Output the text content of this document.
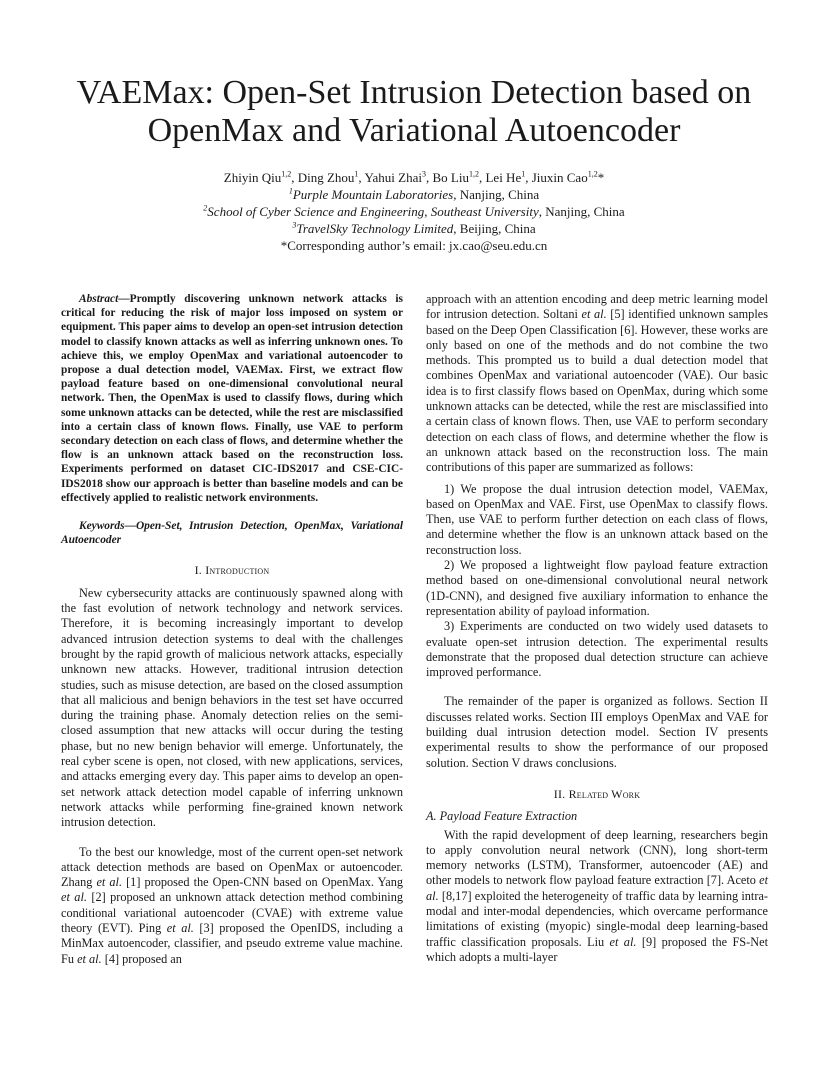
VAEMax: Open-Set Intrusion Detection based on
OpenMax and Variational Autoencoder
Zhiyin Qiu$^{1,2}$, Ding Zhou$^1$, Yahui Zhai$^3$, Bo Liu$^{1,2}$, Lei He$^1$, Jiuxin Cao$^{1,2}$*
$^1$Purple Mountain Laboratories, Nanjing, China
$^2$School of Cyber Science and Engineering, Southeast University, Nanjing, China
$^3$TravelSky Technology Limited, Beijing, China
*Corresponding author’s email: jx.cao@seu.edu.cn

Abstract—Promptly discovering unknown network attacks is critical for reducing the risk of major loss imposed on system or equipment. This paper aims to develop an open-set intrusion detection model to classify known attacks as well as inferring unknown ones. To achieve this, we employ OpenMax and variational autoencoder to propose a dual detection model, VAEMax. First, we extract flow payload feature based on one-dimensional convolutional neural network. Then, the OpenMax is used to classify flows, during which some unknown attacks can be detected, while the rest are misclassified into a certain class of known flows. Finally, use VAE to perform secondary detection on each class of flows, and determine whether the flow is an unknown attack based on the reconstruction loss. Experiments performed on dataset CIC-IDS2017 and CSE-CIC-IDS2018 show our approach is better than baseline models and can be effectively applied to realistic network environments.

Keywords—Open-Set, Intrusion Detection, OpenMax, Variational Autoencoder

I. Introduction

New cybersecurity attacks are continuously spawned along with the fast evolution of network technology and network services. Therefore, it is becoming increasingly important to develop advanced intrusion detection systems to deal with the challenges brought by the rapid growth of malicious network attacks, especially unknown new attacks. However, traditional intrusion detection studies, such as misuse detection, are based on the closed assumption that all malicious and benign behaviors in the test set have occurred during the training phase. Anomaly detection relies on the semi-closed assumption that new attacks will occur during the testing phase, but no new benign behavior will emerge. Unfortunately, the real cyber scene is open, not closed, with new applications, services, and attacks emerging every day. This paper aims to develop an open-set network attack detection model capable of inferring unknown network attacks while performing fine-grained known network intrusion detection.

To the best our knowledge, most of the current open-set network attack detection methods are based on OpenMax or autoencoder. Zhang et al. [1] proposed the Open-CNN based on OpenMax. Yang et al. [2] proposed an unknown attack detection method combining conditional variational autoencoder (CVAE) with extreme value theory (EVT). Ping et al. [3] proposed the OpenIDS, including a MinMax autoencoder, classifier, and pseudo extreme value machine. Fu et al. [4] proposed an

approach with an attention encoding and deep metric learning model for intrusion detection. Soltani et al. [5] identified unknown samples based on the Deep Open Classification [6]. However, these works are only based on one of the methods and do not combine the two methods. This prompted us to build a dual detection model that combines OpenMax and variational autoencoder (VAE). Our basic idea is to first classify flows based on OpenMax, during which some unknown attacks can be detected, while the rest are misclassified into a certain class of known flows. Then, use VAE to perform secondary detection on each class of flows, and determine whether the flow is an unknown attack based on the reconstruction loss. The main contributions of this paper are summarized as follows:

1) We propose the dual intrusion detection model, VAEMax, based on OpenMax and VAE. First, use OpenMax to classify flows. Then, use VAE to perform further detection on each class of flows, and determine whether the flow is an unknown attack based on the reconstruction loss.

2) We proposed a lightweight flow payload feature extraction method based on one-dimensional convolutional neural network (1D-CNN), and designed five auxiliary information to enhance the representation ability of payload information.

3) Experiments are conducted on two widely used datasets to evaluate open-set intrusion detection. The experimental results demonstrate that the proposed dual detection structure can achieve improved performance.

The remainder of the paper is organized as follows. Section II discusses related works. Section III employs OpenMax and VAE for building dual intrusion detection model. Section IV presents experimental results to show the performance of our proposed solution. Section V draws conclusions.

II. Related Work
A. Payload Feature Extraction

With the rapid development of deep learning, researchers begin to apply convolution neural network (CNN), long short-term memory networks (LSTM), Transformer, autoencoder (AE) and other models to network flow payload feature extraction [7]. Aceto et al. [8,17] exploited the heterogeneity of traffic data by learning intra-modal and inter-modal dependencies, which overcame performance limitations of existing (myopic) single-modal deep learning-based traffic classification proposals. Liu et al. [9] proposed the FS-Net which adopts a multi-layer
